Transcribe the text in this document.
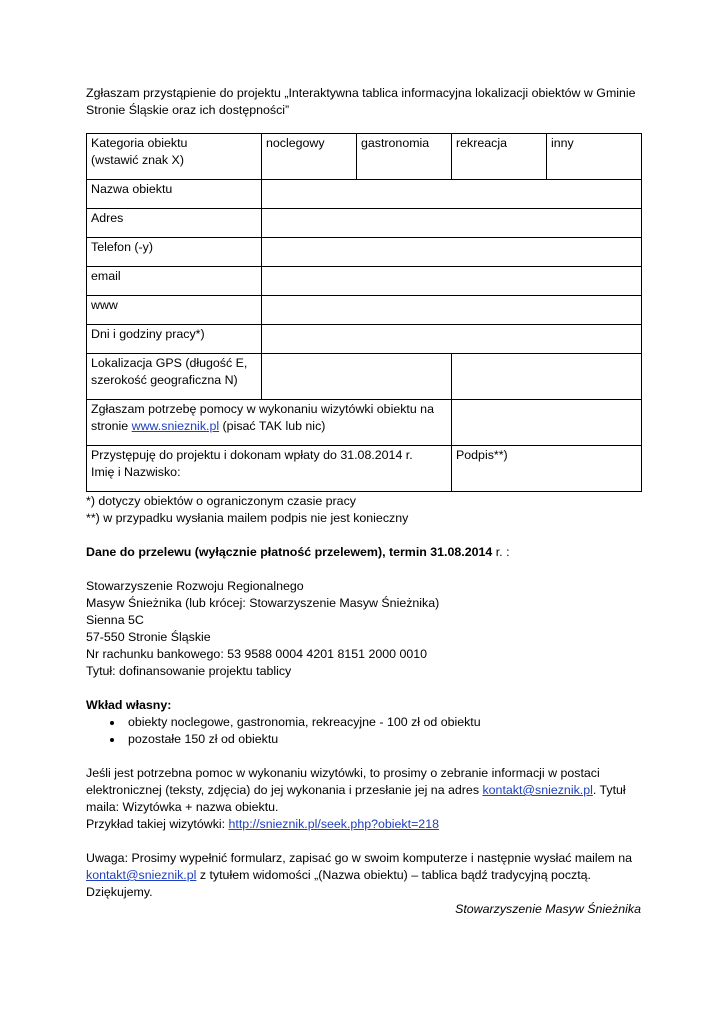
Zgłaszam przystąpienie do projektu „Interaktywna tablica informacyjna lokalizacji obiektów w Gminie Stronie Śląskie oraz ich dostępności”

Kategoria obiektu
(wstawić znak X)	noclegowy	gastronomia	rekreacja	inny
Nazwa obiektu				
Adres				
Telefon (-y)				
email				
www				
Dni i godziny pracy*)				

Lokalizacja GPS (długość E,
szerokość geograficzna N)				

Zgłaszam potrzebę pomocy w wykonaniu wizytówki obiektu na
stronie www.snieznik.pl (pisać TAK lub nic)				

Przystępuję do projektu i dokonam wpłaty do 31.08.2014 r.
Imię i Nazwisko:			Podpis**)	

*) dotyczy obiektów o ograniczonym czasie pracy

**) w przypadku wysłania mailem podpis nie jest konieczny

Dane do przelewu (wyłącznie płatność przelewem), termin 31.08.2014 r. :

Stowarzyszenie Rozwoju Regionalnego

Masyw Śnieżnika (lub krócej: Stowarzyszenie Masyw Śnieżnika)

Sienna 5C

57-550 Stronie Śląskie

Nr rachunku bankowego: 53 9588 0004 4201 8151 2000 0010

Tytuł: dofinansowanie projektu tablicy

Wkład własny:

• obiekty noclegowe, gastronomia, rekreacyjne - 100 zł od obiektu
• pozostałe 150 zł od obiektu

Jeśli jest potrzebna pomoc w wykonaniu wizytówki, to prosimy o zebranie informacji w postaci

elektronicznej (teksty, zdjęcia) do jej wykonania i przesłanie jej na adres kontakt@snieznik.pl. Tytuł

maila: Wizytówka + nazwa obiektu.

Przykład takiej wizytówki: http://snieznik.pl/seek.php?obiekt=218

Uwaga: Prosimy wypełnić formularz, zapisać go w swoim komputerze i następnie wysłać mailem na

kontakt@snieznik.pl z tytułem widomości „(Nazwa obiektu) – tablica bądź tradycyjną pocztą.

Dziękujemy.

Stowarzyszenie Masyw Śnieżnika
